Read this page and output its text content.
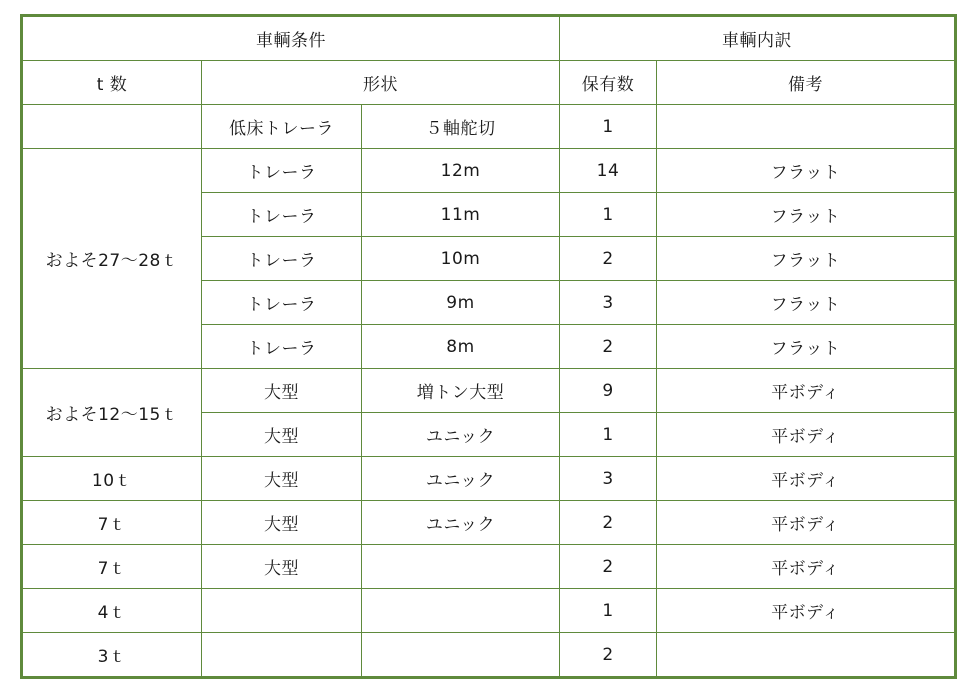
車輌条件			車輌内訳	
t 数	形状		保有数	備考
	低床トレーラ	５軸舵切	1	
およそ27〜28ｔ	トレーラ	12m	14	フラット
	トレーラ	11m	1	フラット
	トレーラ	10m	2	フラット
	トレーラ	9m	3	フラット
	トレーラ	8m	2	フラット
およそ12〜15ｔ	大型	増トン大型	9	平ボディ
	大型	ユニック	1	平ボディ
10ｔ	大型	ユニック	3	平ボディ
7ｔ	大型	ユニック	2	平ボディ
7ｔ	大型		2	平ボディ
4ｔ			1	平ボディ
3ｔ			2	
